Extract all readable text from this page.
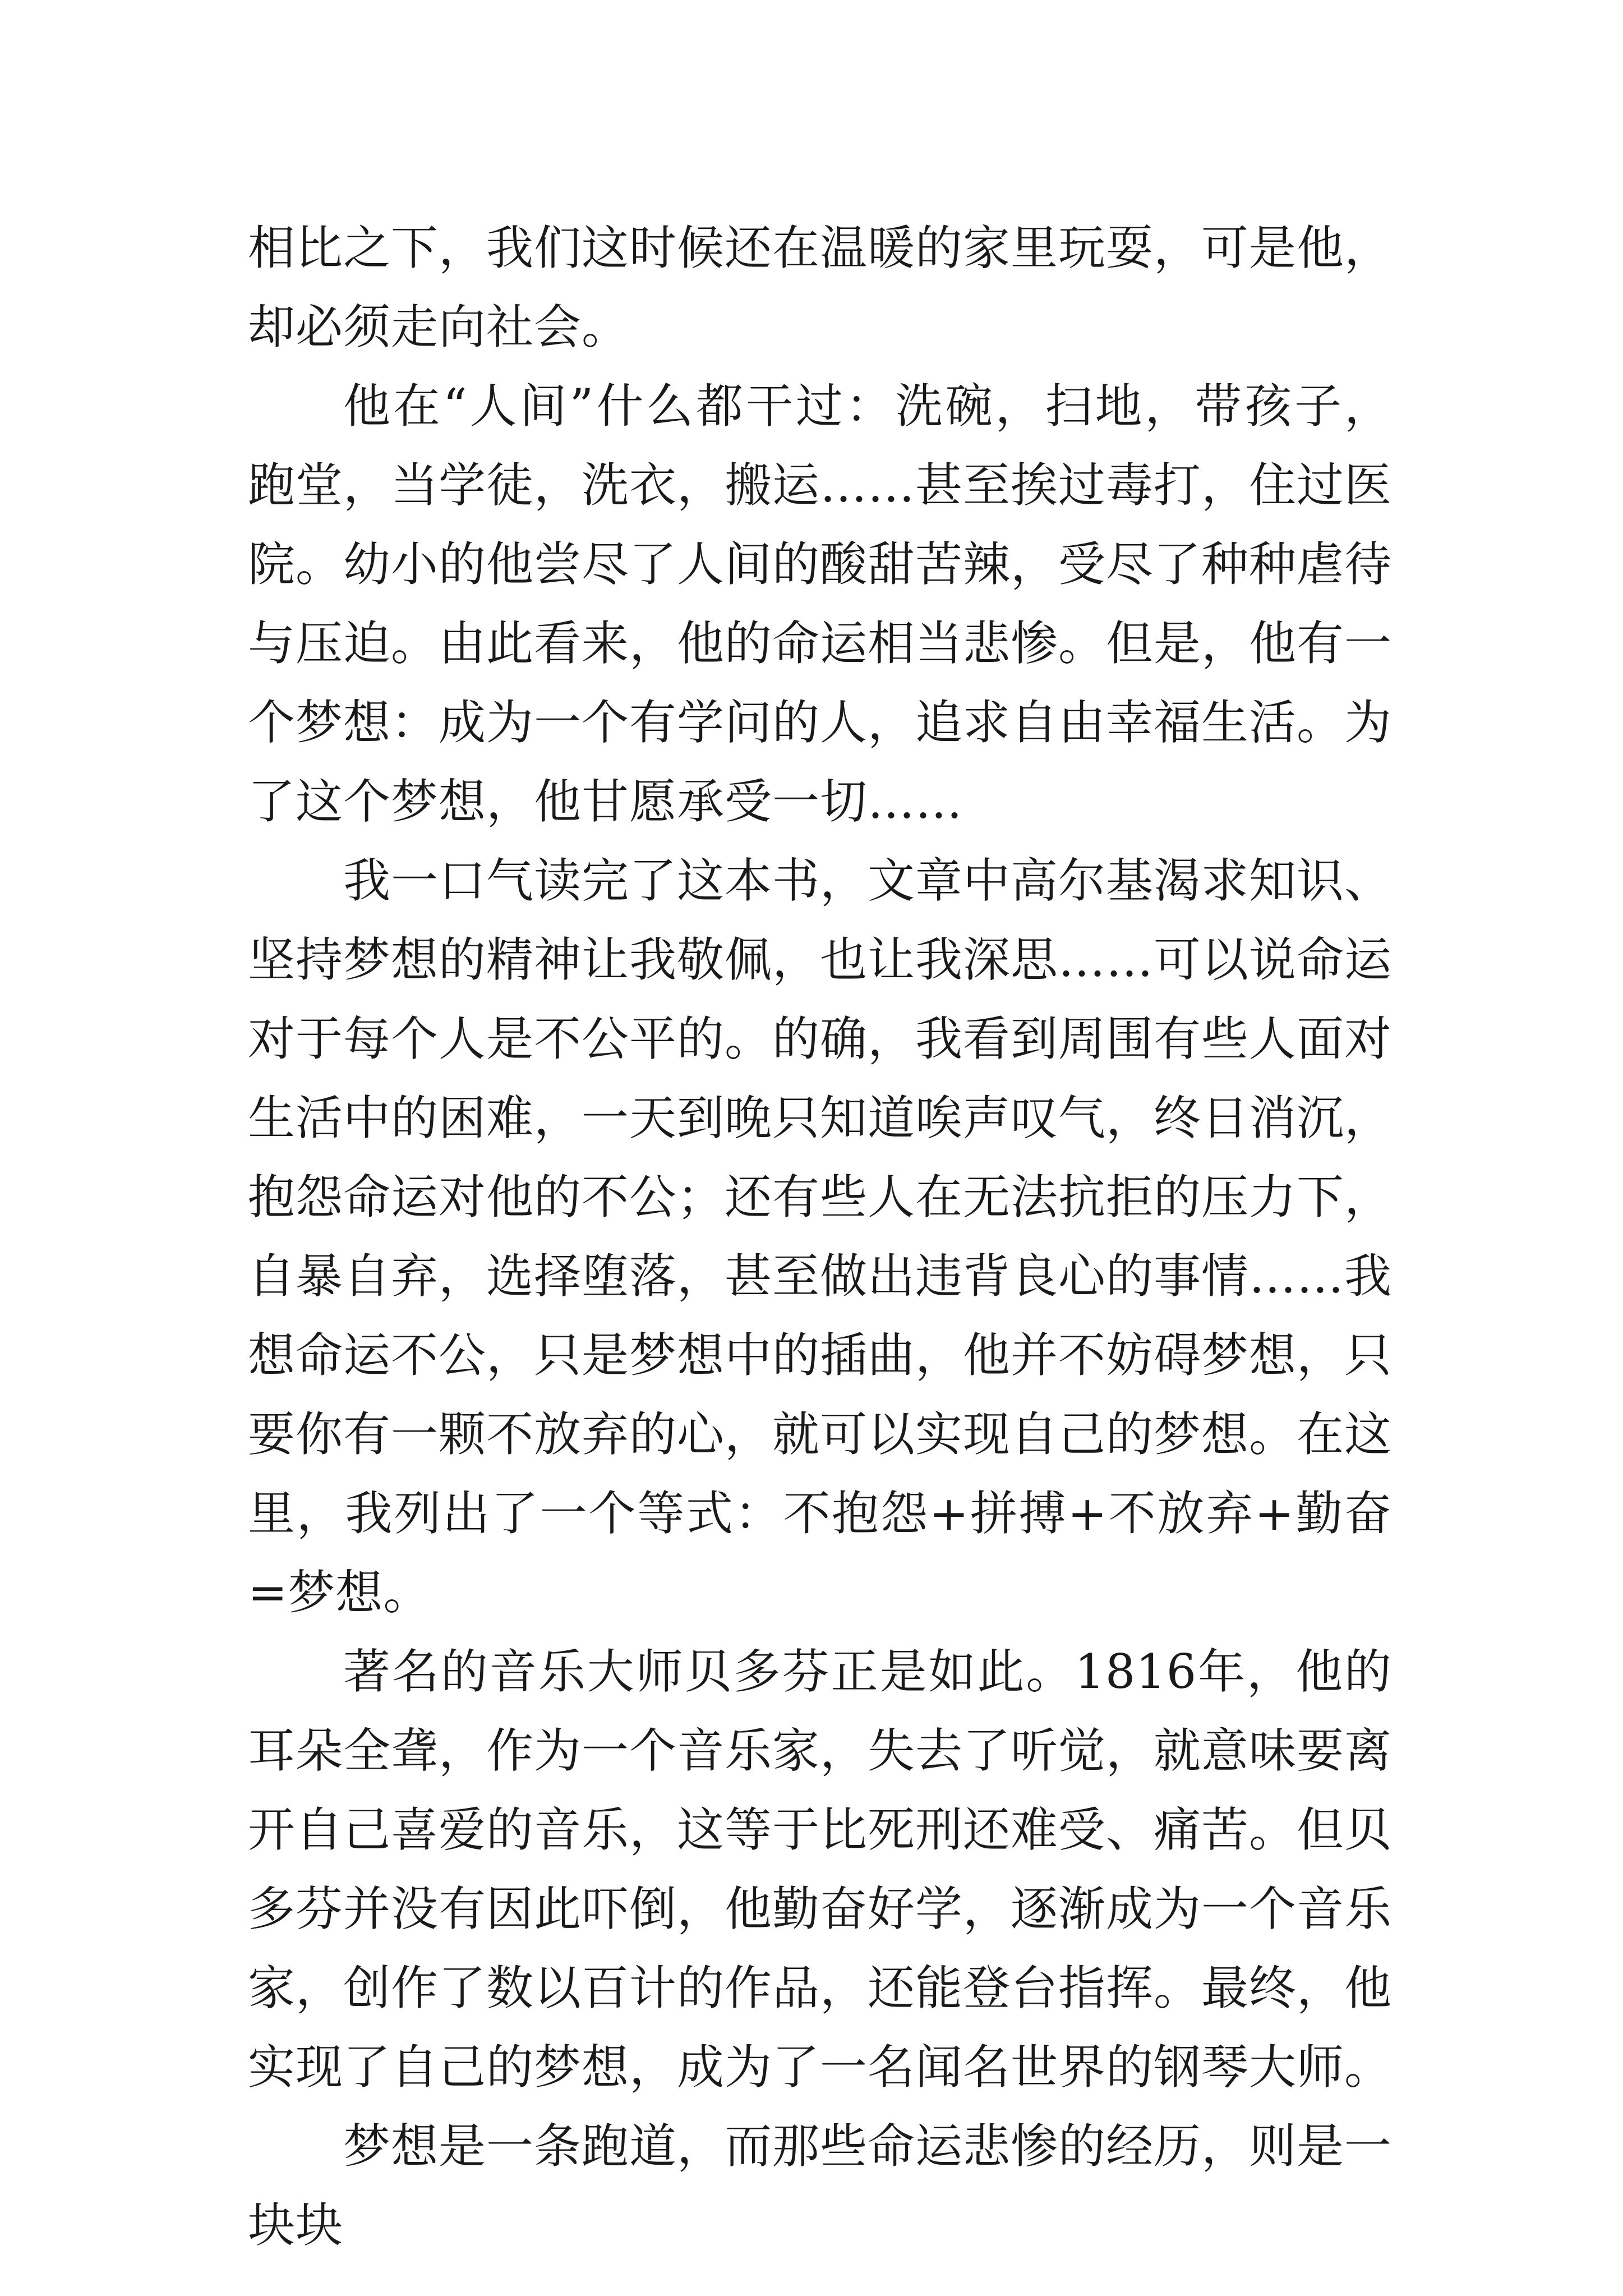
相比之下，我们这时候还在温暖的家里玩耍，可是他，却必须走向社会。

他在“人间”什么都干过：洗碗，扫地，带孩子，跑堂，当学徒，洗衣，搬运……甚至挨过毒打，住过医院。幼小的他尝尽了人间的酸甜苦辣，受尽了种种虐待与压迫。由此看来，他的命运相当悲惨。但是，他有一个梦想：成为一个有学问的人，追求自由幸福生活。为了这个梦想，他甘愿承受一切……

我一口气读完了这本书，文章中高尔基渴求知识、坚持梦想的精神让我敬佩，也让我深思……可以说命运对于每个人是不公平的。的确，我看到周围有些人面对生活中的困难，一天到晚只知道唉声叹气，终日消沉，抱怨命运对他的不公；还有些人在无法抗拒的压力下，自暴自弃，选择堕落，甚至做出违背良心的事情……我想命运不公，只是梦想中的插曲，他并不妨碍梦想，只要你有一颗不放弃的心，就可以实现自己的梦想。在这里，我列出了一个等式：不抱怨+拼搏+不放弃+勤奋=梦想。

著名的音乐大师贝多芬正是如此。1816年，他的耳朵全聋，作为一个音乐家，失去了听觉，就意味要离开自己喜爱的音乐，这等于比死刑还难受、痛苦。但贝多芬并没有因此吓倒，他勤奋好学，逐渐成为一个音乐家，创作了数以百计的作品，还能登台指挥。最终，他实现了自己的梦想，成为了一名闻名世界的钢琴大师。

梦想是一条跑道，而那些命运悲惨的经历，则是一块块
